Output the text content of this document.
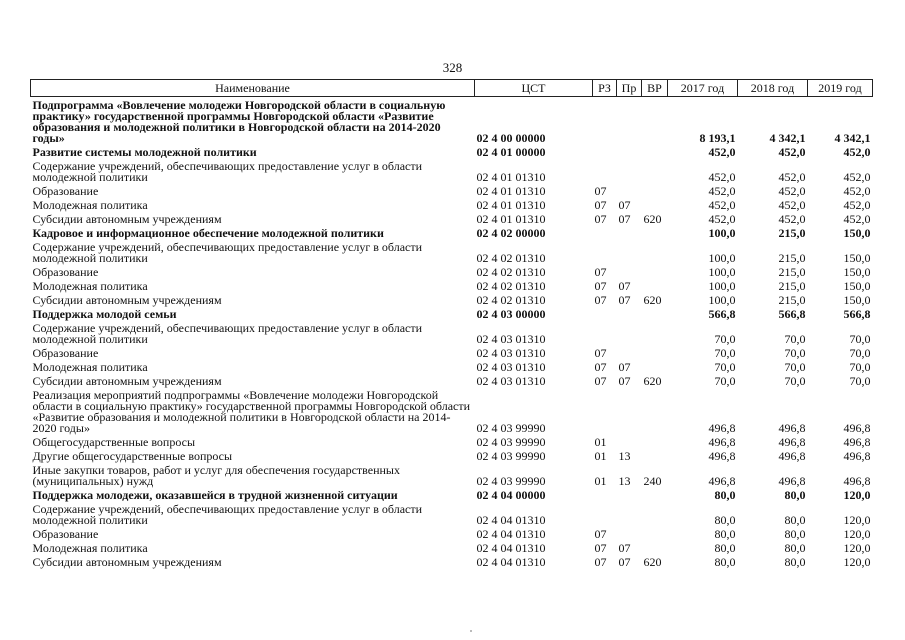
328
Наименование	ЦСТ	РЗ	Пр	ВР	2017 год	2018 год	2019 год
Подпрограмма «Вовлечение молодежи Новгородской области в социальную практику» государственной программы Новгородской области «Развитие образования и молодежной политики в Новгородской области на 2014-2020 годы»	02 4 00 00000				8 193,1	4 342,1	4 342,1
Развитие системы молодежной политики	02 4 01 00000				452,0	452,0	452,0
Содержание учреждений, обеспечивающих предоставление услуг в области молодежной политики	02 4 01 01310				452,0	452,0	452,0
Образование	02 4 01 01310	07			452,0	452,0	452,0
Молодежная политика	02 4 01 01310	07	07		452,0	452,0	452,0
Субсидии автономным учреждениям	02 4 01 01310	07	07	620	452,0	452,0	452,0
Кадровое и информационное обеспечение молодежной политики	02 4 02 00000				100,0	215,0	150,0
Содержание учреждений, обеспечивающих предоставление услуг в области молодежной политики	02 4 02 01310				100,0	215,0	150,0
Образование	02 4 02 01310	07			100,0	215,0	150,0
Молодежная политика	02 4 02 01310	07	07		100,0	215,0	150,0
Субсидии автономным учреждениям	02 4 02 01310	07	07	620	100,0	215,0	150,0
Поддержка молодой семьи	02 4 03 00000				566,8	566,8	566,8
Содержание учреждений, обеспечивающих предоставление услуг в области молодежной политики	02 4 03 01310				70,0	70,0	70,0
Образование	02 4 03 01310	07			70,0	70,0	70,0
Молодежная политика	02 4 03 01310	07	07		70,0	70,0	70,0
Субсидии автономным учреждениям	02 4 03 01310	07	07	620	70,0	70,0	70,0
Реализация мероприятий подпрограммы «Вовлечение молодежи Новгородской области в социальную практику» государственной программы Новгородской области «Развитие образования и молодежной политики в Новгородской области на 2014-2020 годы»	02 4 03 99990				496,8	496,8	496,8
Общегосударственные вопросы	02 4 03 99990	01			496,8	496,8	496,8
Другие общегосударственные вопросы	02 4 03 99990	01	13		496,8	496,8	496,8
Иные закупки товаров, работ и услуг для обеспечения государственных (муниципальных) нужд	02 4 03 99990	01	13	240	496,8	496,8	496,8
Поддержка молодежи, оказавшейся в трудной жизненной ситуации	02 4 04 00000				80,0	80,0	120,0
Содержание учреждений, обеспечивающих предоставление услуг в области молодежной политики	02 4 04 01310				80,0	80,0	120,0
Образование	02 4 04 01310	07			80,0	80,0	120,0
Молодежная политика	02 4 04 01310	07	07		80,0	80,0	120,0
Субсидии автономным учреждениям	02 4 04 01310	07	07	620	80,0	80,0	120,0
